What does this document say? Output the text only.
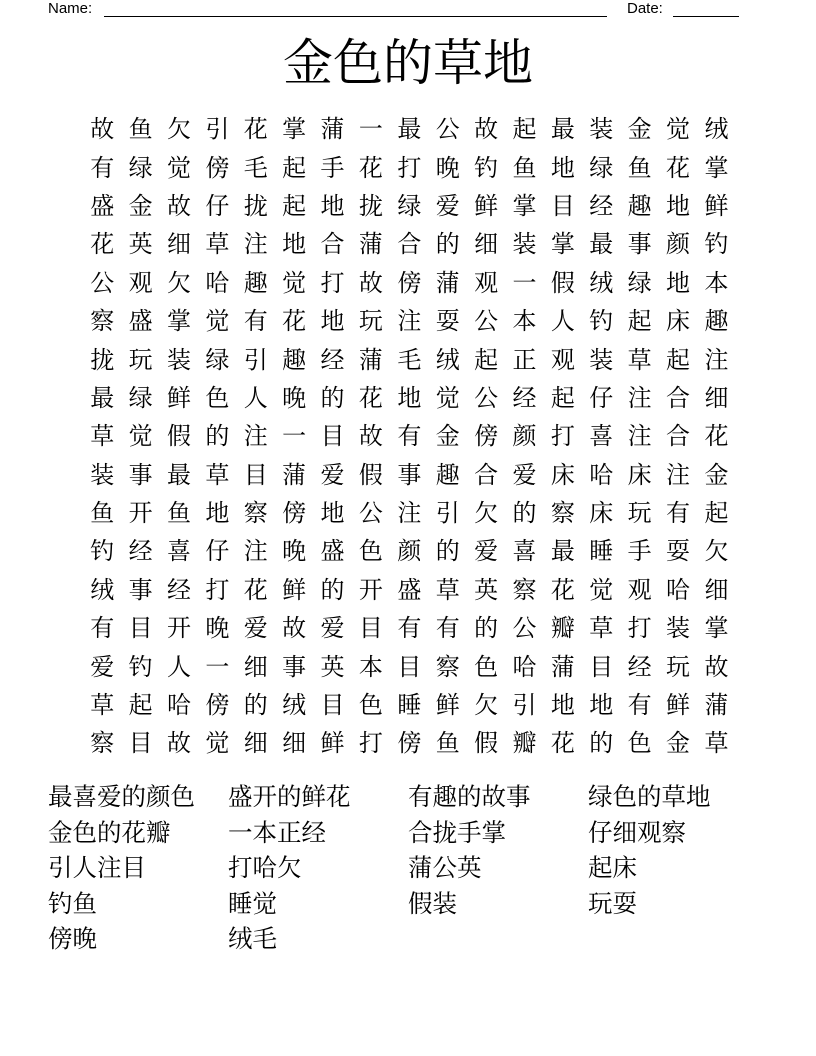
Name:	Date:
金色的草地
故 鱼 欠 引 花 掌 蒲 一 最 公 故 起 最 装 金 觉 绒
有 绿 觉 傍 毛 起 手 花 打 晚 钓 鱼 地 绿 鱼 花 掌
盛 金 故 仔 拢 起 地 拢 绿 爱 鲜 掌 目 经 趣 地 鲜
花 英 细 草 注 地 合 蒲 合 的 细 装 掌 最 事 颜 钓
公 观 欠 哈 趣 觉 打 故 傍 蒲 观 一 假 绒 绿 地 本
察 盛 掌 觉 有 花 地 玩 注 耍 公 本 人 钓 起 床 趣
拢 玩 装 绿 引 趣 经 蒲 毛 绒 起 正 观 装 草 起 注
最 绿 鲜 色 人 晚 的 花 地 觉 公 经 起 仔 注 合 细
草 觉 假 的 注 一 目 故 有 金 傍 颜 打 喜 注 合 花
装 事 最 草 目 蒲 爱 假 事 趣 合 爱 床 哈 床 注 金
鱼 开 鱼 地 察 傍 地 公 注 引 欠 的 察 床 玩 有 起
钓 经 喜 仔 注 晚 盛 色 颜 的 爱 喜 最 睡 手 耍 欠
绒 事 经 打 花 鲜 的 开 盛 草 英 察 花 觉 观 哈 细
有 目 开 晚 爱 故 爱 目 有 有 的 公 瓣 草 打 装 掌
爱 钓 人 一 细 事 英 本 目 察 色 哈 蒲 目 经 玩 故
草 起 哈 傍 的 绒 目 色 睡 鲜 欠 引 地 地 有 鲜 蒲
察 目 故 觉 细 细 鲜 打 傍 鱼 假 瓣 花 的 色 金 草
最喜爱的颜色	盛开的鲜花	有趣的故事	绿色的草地
金色的花瓣	一本正经	合拢手掌	仔细观察
引人注目	打哈欠	蒲公英	起床
钓鱼	睡觉	假装	玩耍
傍晚	绒毛
